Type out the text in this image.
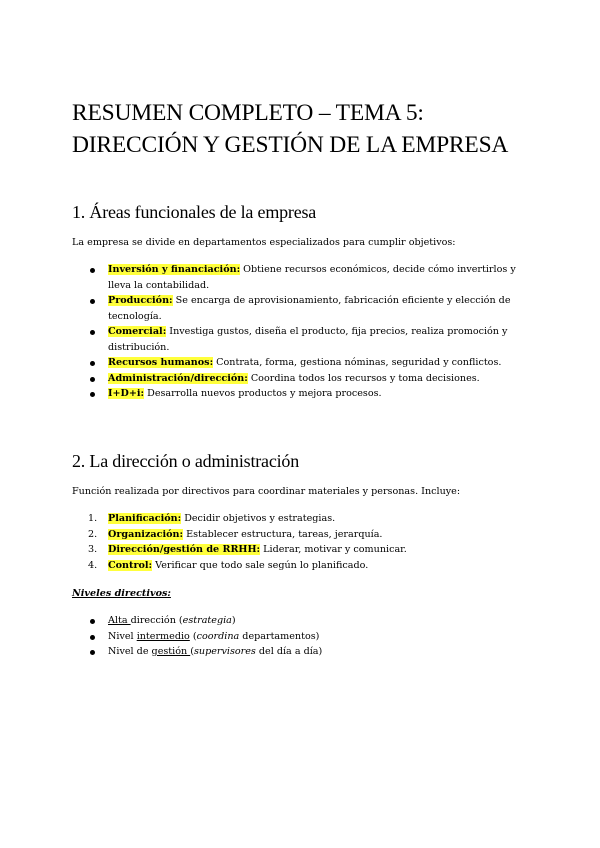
RESUMEN COMPLETO – TEMA 5:
DIRECCIÓN Y GESTIÓN DE LA EMPRESA
1. Áreas funcionales de la empresa

La empresa se divide en departamentos especializados para cumplir objetivos:

Inversión y financiación: Obtiene recursos económicos, decide cómo invertirlos y lleva la contabilidad.
Producción: Se encarga de aprovisionamiento, fabricación eficiente y elección de tecnología.
Comercial: Investiga gustos, diseña el producto, fija precios, realiza promoción y distribución.
Recursos humanos: Contrata, forma, gestiona nóminas, seguridad y conflictos.
Administración/dirección: Coordina todos los recursos y toma decisiones.
I+D+i: Desarrolla nuevos productos y mejora procesos.
2. La dirección o administración

Función realizada por directivos para coordinar materiales y personas. Incluye:

1. Planificación: Decidir objetivos y estrategias.
2. Organización: Establecer estructura, tareas, jerarquía.
3. Dirección/gestión de RRHH: Liderar, motivar y comunicar.
4. Control: Verificar que todo sale según lo planificado.

Niveles directivos:

Alta dirección (estrategia)
Nivel intermedio (coordina departamentos)
Nivel de gestión (supervisores del día a día)
